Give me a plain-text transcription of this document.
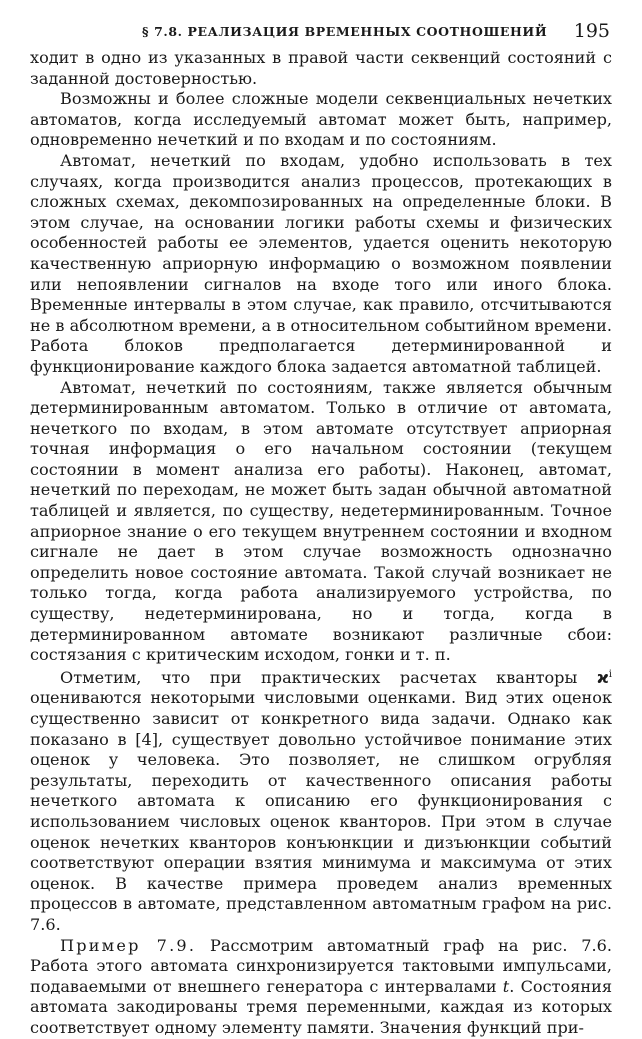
§ 7.8. РЕАЛИЗАЦИЯ ВРЕМЕННЫХ СООТНОШЕНИЙ 195

ходит в одно из указанных в правой части секвенций состояний с заданной достоверностью.

Возможны и более сложные модели секвенциальных нечетких автоматов, когда исследуемый автомат может быть, например, одновременно нечеткий и по входам и по состояниям.

Автомат, нечеткий по входам, удобно использовать в тех случаях, когда производится анализ процессов, протекающих в сложных схемах, декомпозированных на определенные блоки. В этом случае, на основании логики работы схемы и физических особенностей работы ее элементов, удается оценить некоторую качественную априорную информацию о возможном появлении или непоявлении сигналов на входе того или иного блока. Временные интервалы в этом случае, как правило, отсчитываются не в абсолютном времени, а в относительном событийном времени. Работа блоков предполагается детерминированной и функционирование каждого блока задается автоматной таблицей.

Автомат, нечеткий по состояниям, также является обычным детерминированным автоматом. Только в отличие от автомата, нечеткого по входам, в этом автомате отсутствует априорная точная информация о его начальном состоянии (текущем состоянии в момент анализа его работы). Наконец, автомат, нечеткий по переходам, не может быть задан обычной автоматной таблицей и является, по существу, недетерминированным. Точное априорное знание о его текущем внутреннем состоянии и входном сигнале не дает в этом случае возможность однозначно определить новое состояние автомата. Такой случай возникает не только тогда, когда работа анализируемого устройства, по существу, недетерминирована, но и тогда, когда в детерминированном автомате возникают различные сбои: состязания с критическим исходом, гонки и т. п.

Отметим, что при практических расчетах кванторы $ϰ^i$ оцениваются некоторыми числовыми оценками. Вид этих оценок существенно зависит от конкретного вида задачи. Однако как показано в [4], существует довольно устойчивое понимание этих оценок у человека. Это позволяет, не слишком огрубляя результаты, переходить от качественного описания работы нечеткого автомата к описанию его функционирования с использованием числовых оценок кванторов. При этом в случае оценок нечетких кванторов конъюнкции и дизъюнкции событий соответствуют операции взятия минимума и максимума от этих оценок. В качестве примера проведем анализ временных процессов в автомате, представленном автоматным графом на рис. 7.6.

Пример 7.9. Рассмотрим автоматный граф на рис. 7.6. Работа этого автомата синхронизируется тактовыми импульсами, подаваемыми от внешнего генератора с интервалами t. Состояния автомата закодированы тремя переменными, каждая из которых соответствует одному элементу памяти. Значения функций при-
